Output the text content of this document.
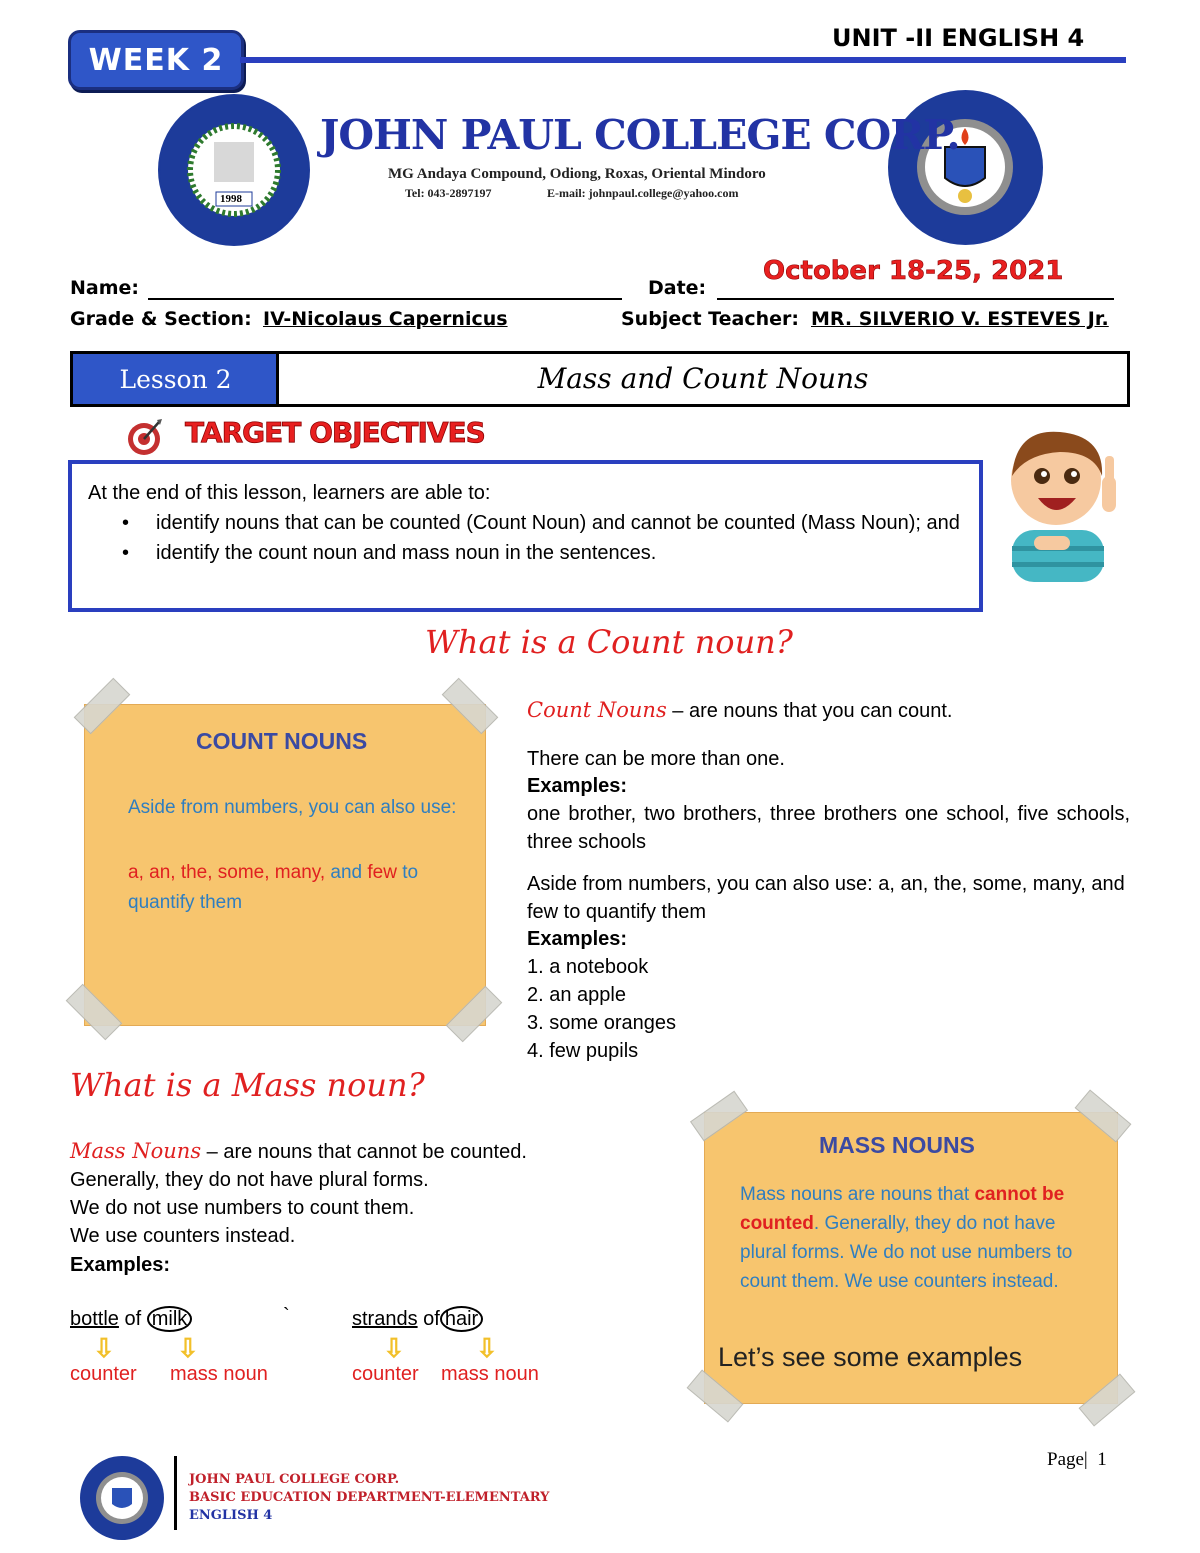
WEEK 2
UNIT -II ENGLISH 4
1998
JOHN PAUL COLLEGE CORP.
MG Andaya Compound, Odiong, Roxas, Oriental Mindoro
Tel: 043-2897197	E-mail: johnpaul.college@yahoo.com
Name:	Date:
October 18-25, 2021
Grade & Section: IV-Nicolaus Capernicus	Subject Teacher: MR. SILVERIO V. ESTEVES Jr.
Lesson 2	Mass and Count Nouns
TARGET OBJECTIVES
At the end of this lesson, learners are able to:
• identify nouns that can be counted (Count Noun) and cannot be counted (Mass Noun); and
• identify the count noun and mass noun in the sentences.
What is a Count noun?
COUNT NOUNS
Aside from numbers, you can also use:
a, an, the, some, many, and few to
quantify them
Count Nouns – are nouns that you can count.
There can be more than one.
Examples:
one brother, two brothers, three brothers one school, five schools, three schools
Aside from numbers, you can also use: a, an, the, some, many, and few to quantify them
Examples:
1. a notebook
2. an apple
3. some oranges
4. few pupils
What is a Mass noun?
Mass Nouns – are nouns that cannot be counted.
Generally, they do not have plural forms.
We do not use numbers to count them.
We use counters instead.
Examples:
bottle of milk	`	strands of hair
⇩ ⇩	⇩	⇩
counter mass noun	counter mass noun
MASS NOUNS
Mass nouns are nouns that cannot be counted. Generally, they do not have plural forms. We do not use numbers to count them. We use counters instead.
Let’s see some examples
Page| 1
JOHN PAUL COLLEGE CORP.
BASIC EDUCATION DEPARTMENT-ELEMENTARY
ENGLISH 4
